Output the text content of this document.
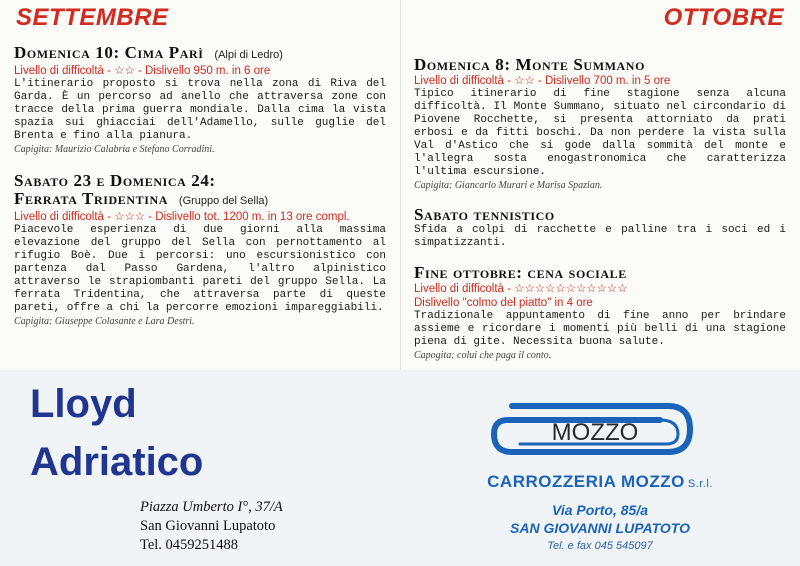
SETTEMBRE	OTTOBRE
Domenica 10: Cima Parì (Alpi di Ledro)
Livello di difficoltà - ☆☆ - Dislivello 950 m. in 6 ore
L'itinerario proposto si trova nella zona di Riva del Garda. È un percorso ad anello che attraversa zone con tracce della prima guerra mondiale. Dalla cima la vista spazia sui ghiacciai dell'Adamello, sulle guglie del Brenta e fino alla pianura.
Capigita: Maurizio Calabria e Stefano Corradini.
Sabato 23 e Domenica 24:
Ferrata Tridentina (Gruppo del Sella)
Livello di difficoltà - ☆☆☆ - Dislivello tot. 1200 m. in 13 ore compl.
Piacevole esperienza di due giorni alla massima elevazione del gruppo del Sella con pernottamento al rifugio Boè. Due i percorsi: uno escursionistico con partenza dal Passo Gardena, l'altro alpinistico attraverso le strapiombanti pareti del gruppo Sella. La ferrata Tridentina, che attraversa parte di queste pareti, offre a chi la percorre emozioni impareggiabili.
Capigita: Giuseppe Colasante e Lara Destri.
Domenica 8: Monte Summano
Livello di difficoltà - ☆☆ - Dislivello 700 m. in 5 ore
Tipico itinerario di fine stagione senza alcuna difficoltà. Il Monte Summano, situato nel circondario di Piovene Rocchette, si presenta attorniato da prati erbosi e da fitti boschi. Da non perdere la vista sulla Val d'Astico che si gode dalla sommità del monte e l'allegra sosta enogastronomica che caratterizza l'ultima escursione.
Capigita: Giancarlo Murari e Marisa Spazian.
Sabato tennistico
Sfida a colpi di racchette e palline tra i soci ed i simpatizzanti.
Fine ottobre: cena sociale
Livello di difficoltà - ☆☆☆☆☆☆☆☆☆☆☆
Dislivello "colmo del piatto" in 4 ore
Tradizionale appuntamento di fine anno per brindare assieme e ricordare i momenti più belli di una stagione piena di gite. Necessita buona salute.
Capogita: colui che paga il conto.
Lloyd
Adriatico
Piazza Umberto I°, 37/A
San Giovanni Lupatoto
Tel. 0459251488
MOZZO
CARROZZERIA MOZZO S.r.l.
Via Porto, 85/a
SAN GIOVANNI LUPATOTO
Tel. e fax 045 545097
